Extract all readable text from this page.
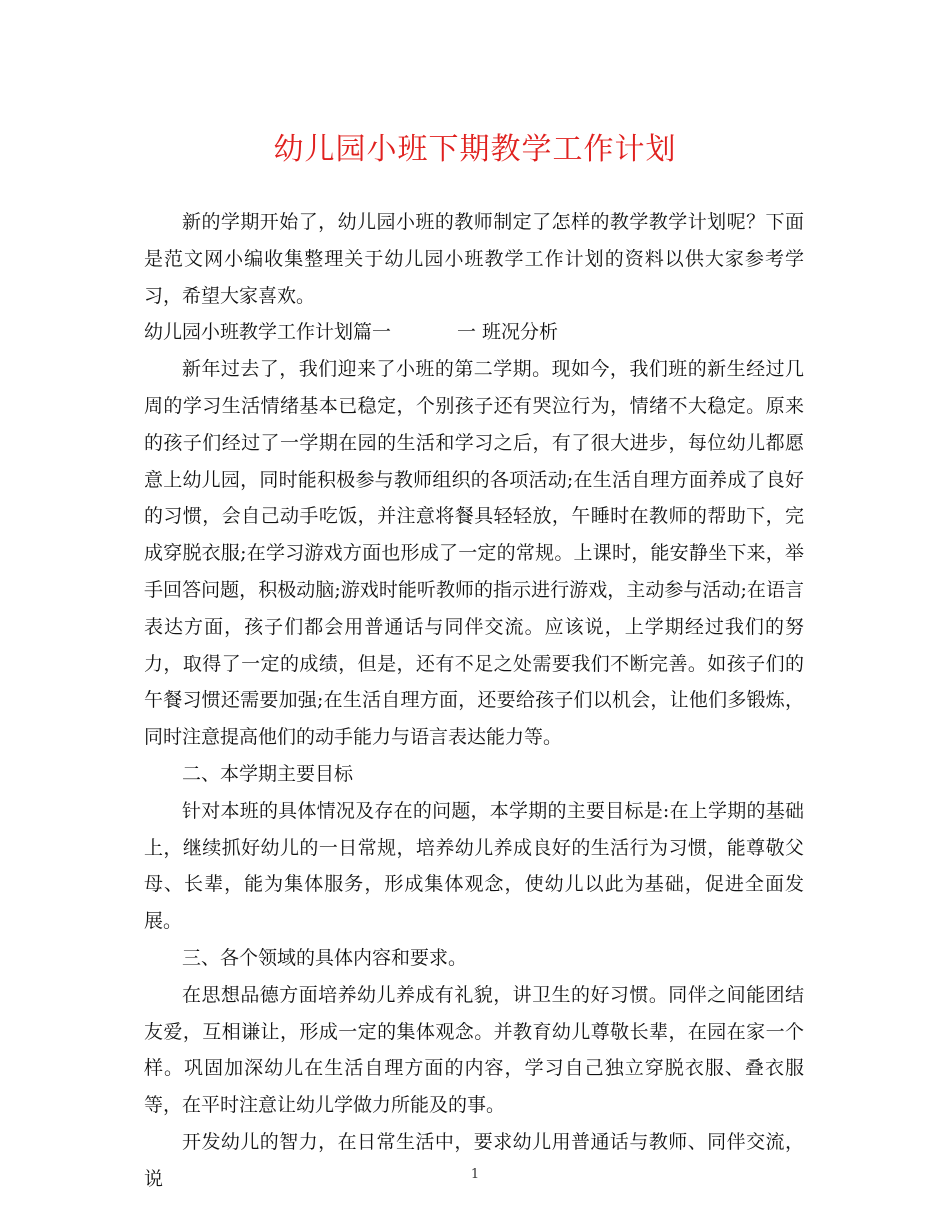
幼儿园小班下期教学工作计划

新的学期开始了，幼儿园小班的教师制定了怎样的教学教学计划呢？下面是范文网小编收集整理关于幼儿园小班教学工作计划的资料以供大家参考学习，希望大家喜欢。

幼儿园小班教学工作计划篇一	一 班况分析

新年过去了，我们迎来了小班的第二学期。现如今，我们班的新生经过几周的学习生活情绪基本已稳定，个别孩子还有哭泣行为，情绪不大稳定。原来的孩子们经过了一学期在园的生活和学习之后，有了很大进步，每位幼儿都愿意上幼儿园，同时能积极参与教师组织的各项活动;在生活自理方面养成了良好的习惯，会自己动手吃饭，并注意将餐具轻轻放，午睡时在教师的帮助下，完成穿脱衣服;在学习游戏方面也形成了一定的常规。上课时，能安静坐下来，举手回答问题，积极动脑;游戏时能听教师的指示进行游戏，主动参与活动;在语言表达方面，孩子们都会用普通话与同伴交流。应该说，上学期经过我们的努力，取得了一定的成绩，但是，还有不足之处需要我们不断完善。如孩子们的午餐习惯还需要加强;在生活自理方面，还要给孩子们以机会，让他们多锻炼，同时注意提高他们的动手能力与语言表达能力等。

二、本学期主要目标

针对本班的具体情况及存在的问题，本学期的主要目标是:在上学期的基础上，继续抓好幼儿的一日常规，培养幼儿养成良好的生活行为习惯，能尊敬父母、长辈，能为集体服务，形成集体观念，使幼儿以此为基础，促进全面发展。

三、各个领域的具体内容和要求。

在思想品德方面培养幼儿养成有礼貌，讲卫生的好习惯。同伴之间能团结友爱，互相谦让，形成一定的集体观念。并教育幼儿尊敬长辈，在园在家一个样。巩固加深幼儿在生活自理方面的内容，学习自己独立穿脱衣服、叠衣服等，在平时注意让幼儿学做力所能及的事。

开发幼儿的智力，在日常生活中，要求幼儿用普通话与教师、同伴交流，说	1
